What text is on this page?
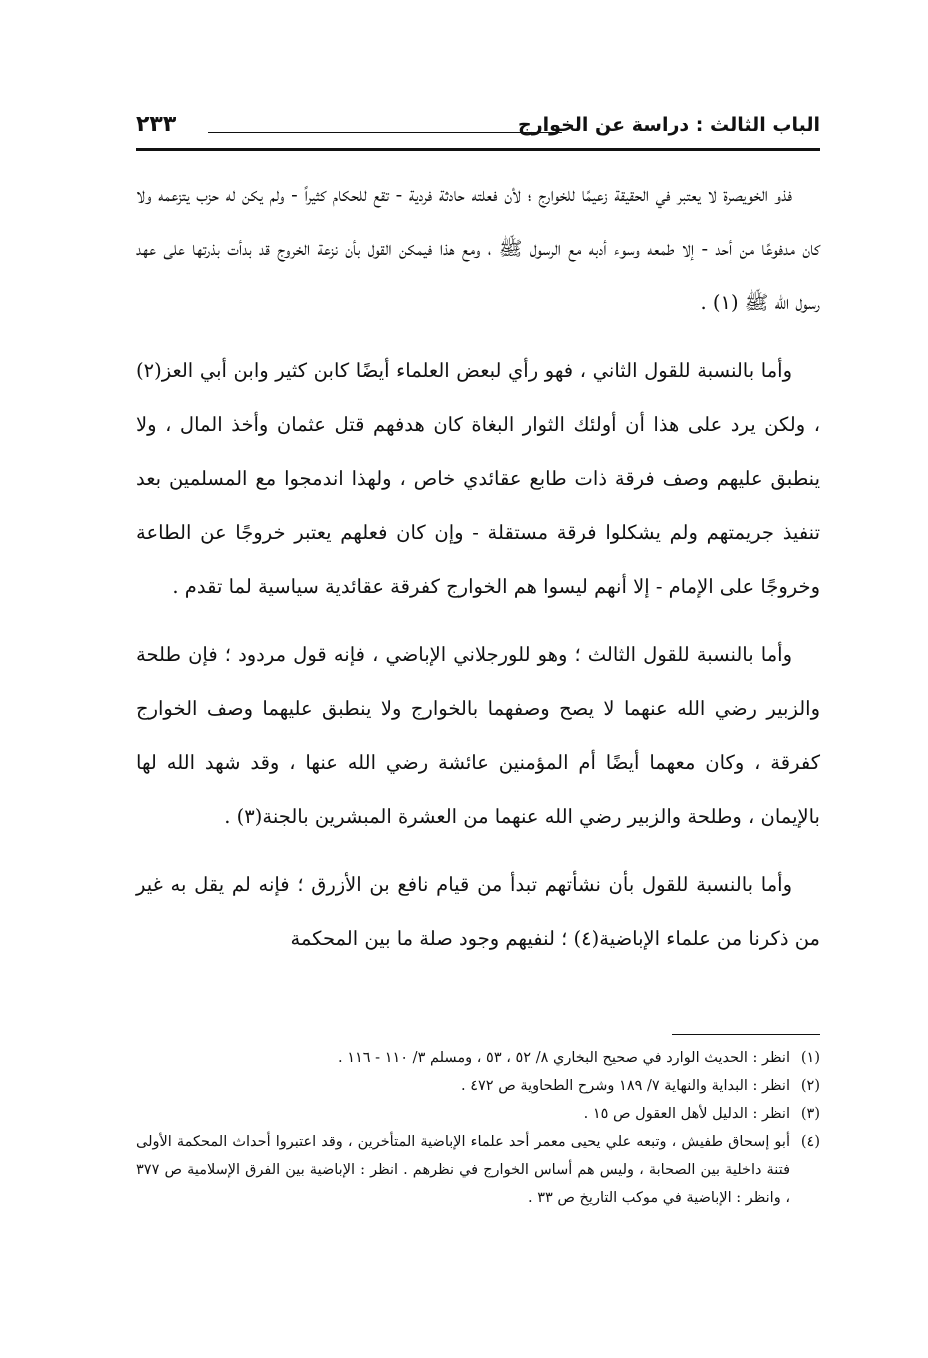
الباب الثالث : دراسة عن الخوارج
٢٣٣

فذو الخويصرة لا يعتبر في الحقيقة زعيمًا للخوارج ؛ لأن فعلته حادثة فردية - تقع للحكام كثيراً - ولم يكن له حزب يتزعمه ولا كان مدفوعًا من أحد - إلا طمعه وسوء أدبه مع الرسول ﷺ ، ومع هذا فيمكن القول بأن نزعة الخروج قد بدأت بذرتها على عهد رسول الله ﷺ (١) .

وأما بالنسبة للقول الثاني ، فهو رأي لبعض العلماء أيضًا كابن كثير وابن أبي العز(٢) ، ولكن يرد على هذا أن أولئك الثوار البغاة كان هدفهم قتل عثمان وأخذ المال ، ولا ينطبق عليهم وصف فرقة ذات طابع عقائدي خاص ، ولهذا اندمجوا مع المسلمين بعد تنفيذ جريمتهم ولم يشكلوا فرقة مستقلة - وإن كان فعلهم يعتبر خروجًا عن الطاعة وخروجًا على الإمام - إلا أنهم ليسوا هم الخوارج كفرقة عقائدية سياسية لما تقدم .

وأما بالنسبة للقول الثالث ؛ وهو للورجلاني الإباضي ، فإنه قول مردود ؛ فإن طلحة والزبير رضي الله عنهما لا يصح وصفهما بالخوارج ولا ينطبق عليهما وصف الخوارج كفرقة ، وكان معهما أيضًا أم المؤمنين عائشة رضي الله عنها ، وقد شهد الله لها بالإيمان ، وطلحة والزبير رضي الله عنهما من العشرة المبشرين بالجنة(٣) .

وأما بالنسبة للقول بأن نشأتهم تبدأ من قيام نافع بن الأزرق ؛ فإنه لم يقل به غير من ذكرنا من علماء الإباضية(٤) ؛ لنفيهم وجود صلة ما بين المحكمة

(١)
انظر : الحديث الوارد في صحيح البخاري ٨/ ٥٢ ، ٥٣ ، ومسلم ٣/ ١١٠ - ١١٦ .
(٢)
انظر : البداية والنهاية ٧/ ١٨٩ وشرح الطحاوية ص ٤٧٢ .
(٣)
انظر : الدليل لأهل العقول ص ١٥ .
(٤)
أبو إسحاق طفيش ، وتبعه علي يحيى معمر أحد علماء الإباضية المتأخرين ، وقد اعتبروا أحداث المحكمة الأولى فتنة داخلية بين الصحابة ، وليس هم أساس الخوارج في نظرهم . انظر : الإباضية بين الفرق الإسلامية ص ٣٧٧ ، وانظر : الإباضية في موكب التاريخ ص ٣٣ .
